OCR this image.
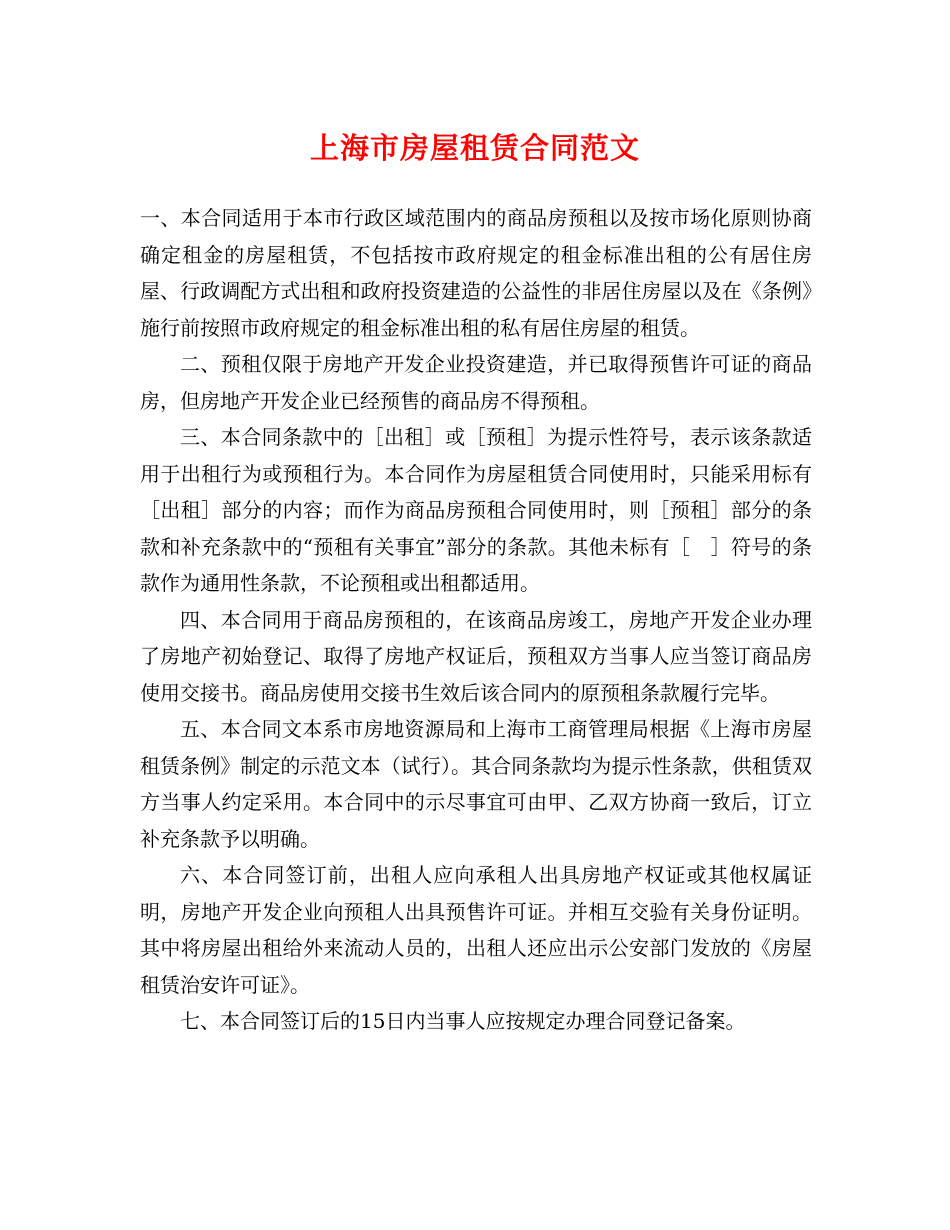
上海市房屋租赁合同范文

一、本合同适用于本市行政区域范围内的商品房预租以及按市场化原则协商确定租金的房屋租赁，不包括按市政府规定的租金标准出租的公有居住房屋、行政调配方式出租和政府投资建造的公益性的非居住房屋以及在《条例》施行前按照市政府规定的租金标准出租的私有居住房屋的租赁。

二、预租仅限于房地产开发企业投资建造，并已取得预售许可证的商品房，但房地产开发企业已经预售的商品房不得预租。

三、本合同条款中的［出租］或［预租］为提示性符号，表示该条款适用于出租行为或预租行为。本合同作为房屋租赁合同使用时，只能采用标有［出租］部分的内容；而作为商品房预租合同使用时，则［预租］部分的条款和补充条款中的“预租有关事宜”部分的条款。其他未标有［　］符号的条款作为通用性条款，不论预租或出租都适用。

四、本合同用于商品房预租的，在该商品房竣工，房地产开发企业办理了房地产初始登记、取得了房地产权证后，预租双方当事人应当签订商品房使用交接书。商品房使用交接书生效后该合同内的原预租条款履行完毕。

五、本合同文本系市房地资源局和上海市工商管理局根据《上海市房屋租赁条例》制定的示范文本（试行）。其合同条款均为提示性条款，供租赁双方当事人约定采用。本合同中的示尽事宜可由甲、乙双方协商一致后，订立补充条款予以明确。

六、本合同签订前，出租人应向承租人出具房地产权证或其他权属证明，房地产开发企业向预租人出具预售许可证。并相互交验有关身份证明。其中将房屋出租给外来流动人员的，出租人还应出示公安部门发放的《房屋租赁治安许可证》。

七、本合同签订后的15日内当事人应按规定办理合同登记备案。
